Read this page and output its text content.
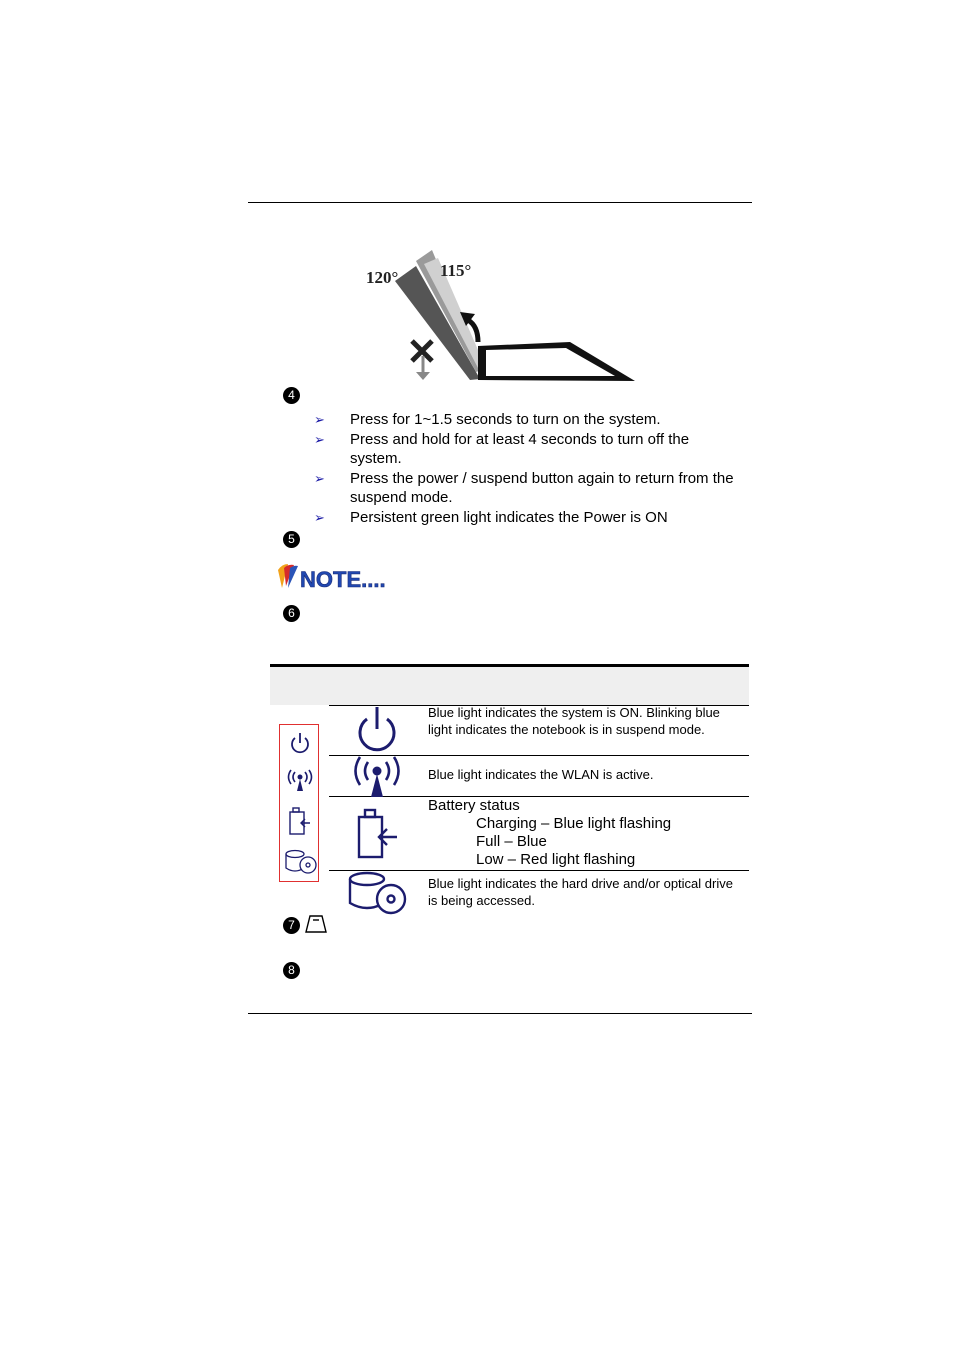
120° 115°
4
➢ Press for 1~1.5 seconds to turn on the system.
➢ Press and hold for at least 4 seconds to turn off the system.
➢ Press the power / suspend button again to return from the suspend mode.
➢ Persistent green light indicates the Power is ON
5
NOTE....
6
Blue light indicates the system is ON. Blinking blue light indicates the notebook is in suspend mode.
Blue light indicates the WLAN is active.
Battery status
Charging – Blue light flashing
Full – Blue
Low – Red light flashing
Blue light indicates the hard drive and/or optical drive is being accessed.
7
8
